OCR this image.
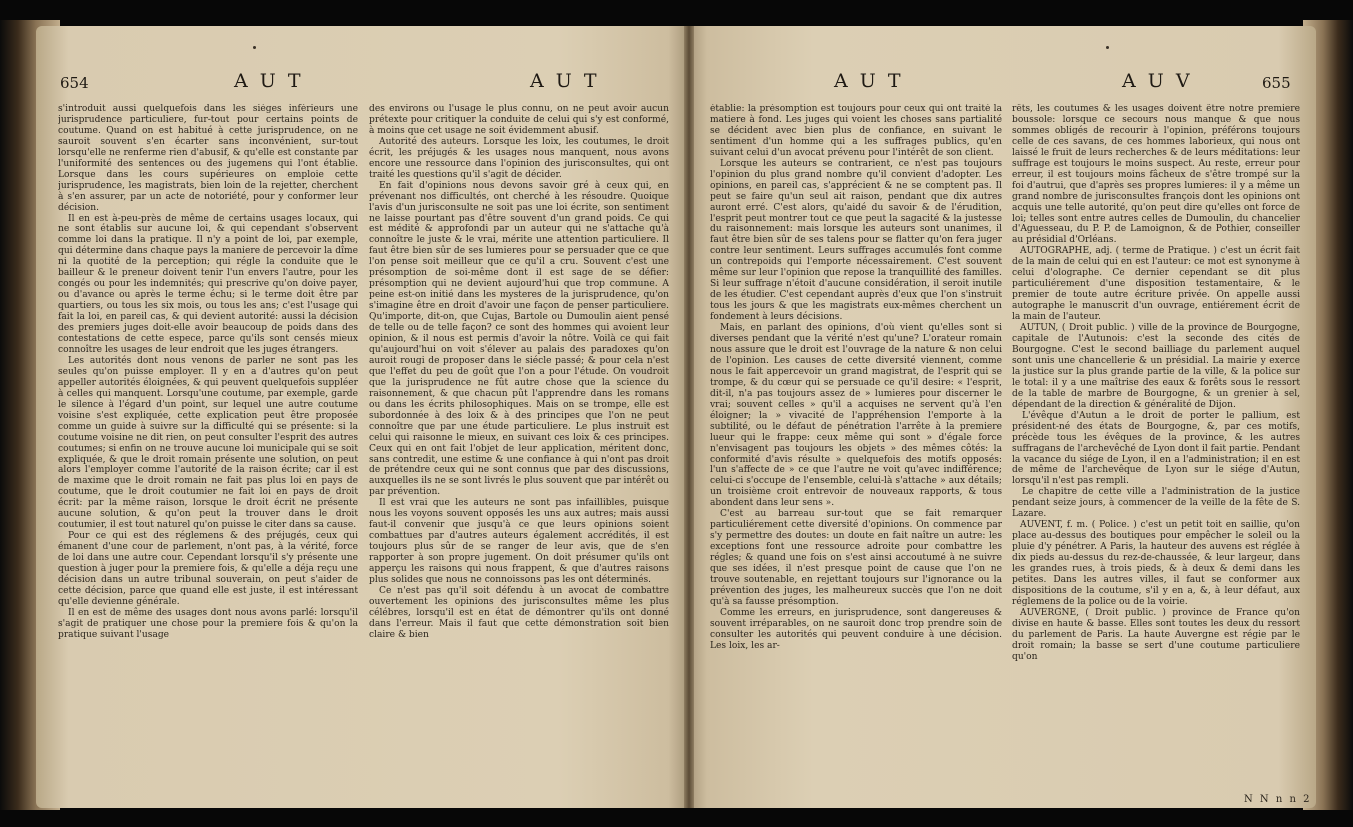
654	A U T	A U T

s'introduit aussi quelquefois dans les siéges inférieurs une jurisprudence particuliere, fur-tout pour certains points de coutume. Quand on est habitué à cette jurisprudence, on ne sauroit souvent s'en écarter sans inconvénient, sur-tout lorsqu'elle ne renferme rien d'abusif, & qu'elle est constante par l'uniformité des sentences ou des jugemens qui l'ont établie. Lorsque dans les cours supérieures on emploie cette jurisprudence, les magistrats, bien loin de la rejetter, cherchent à s'en assurer, par un acte de notoriété, pour y conformer leur décision.

Il en est à-peu-près de même de certains usages locaux, qui ne sont établis sur aucune loi, & qui cependant s'observent comme loi dans la pratique. Il n'y a point de loi, par exemple, qui détermine dans chaque pays la maniere de percevoir la dîme ni la quotité de la perception; qui régle la conduite que le bailleur & le preneur doivent tenir l'un envers l'autre, pour les congés ou pour les indemnités; qui prescrive qu'on doive payer, ou d'avance ou après le terme échu; si le terme doit être par quartiers, ou tous les six mois, ou tous les ans; c'est l'usage qui fait la loi, en pareil cas, & qui devient autorité: aussi la décision des premiers juges doit-elle avoir beaucoup de poids dans des contestations de cette espece, parce qu'ils sont censés mieux connoître les usages de leur endroit que les juges étrangers.

Les autorités dont nous venons de parler ne sont pas les seules qu'on puisse employer. Il y en a d'autres qu'on peut appeller autorités éloignées, & qui peuvent quelquefois suppléer à celles qui manquent. Lorsqu'une coutume, par exemple, garde le silence à l'égard d'un point, sur lequel une autre coutume voisine s'est expliquée, cette explication peut être proposée comme un guide à suivre sur la difficulté qui se présente: si la coutume voisine ne dit rien, on peut consulter l'esprit des autres coutumes; si enfin on ne trouve aucune loi municipale qui se soit expliquée, & que le droit romain présente une solution, on peut alors l'employer comme l'autorité de la raison écrite; car il est de maxime que le droit romain ne fait pas plus loi en pays de coutume, que le droit coutumier ne fait loi en pays de droit écrit: par la même raison, lorsque le droit écrit ne présente aucune solution, & qu'on peut la trouver dans le droit coutumier, il est tout naturel qu'on puisse le citer dans sa cause.

Pour ce qui est des réglemens & des préjugés, ceux qui émanent d'une cour de parlement, n'ont pas, à la vérité, force de loi dans une autre cour. Cependant lorsqu'il s'y présente une question à juger pour la premiere fois, & qu'elle a déja reçu une décision dans un autre tribunal souverain, on peut s'aider de cette décision, parce que quand elle est juste, il est intéressant qu'elle devienne générale.

Il en est de même des usages dont nous avons parlé: lorsqu'il s'agit de pratiquer une chose pour la premiere fois & qu'on la pratique suivant l'usage

des environs ou l'usage le plus connu, on ne peut avoir aucun prétexte pour critiquer la conduite de celui qui s'y est conformé, à moins que cet usage ne soit évidemment abusif.

Autorité des auteurs. Lorsque les loix, les coutumes, le droit écrit, les préjugés & les usages nous manquent, nous avons encore une ressource dans l'opinion des jurisconsultes, qui ont traité les questions qu'il s'agit de décider.

En fait d'opinions nous devons savoir gré à ceux qui, en prévenant nos difficultés, ont cherché à les résoudre. Quoique l'avis d'un jurisconsulte ne soit pas une loi écrite, son sentiment ne laisse pourtant pas d'être souvent d'un grand poids. Ce qui est médité & approfondi par un auteur qui ne s'attache qu'à connoître le juste & le vrai, mérite une attention particuliere. Il faut être bien sûr de ses lumieres pour se persuader que ce que l'on pense soit meilleur que ce qu'il a cru. Souvent c'est une présomption de soi-même dont il est sage de se défier: présomption qui ne devient aujourd'hui que trop commune. A peine est-on initié dans les mysteres de la jurisprudence, qu'on s'imagine être en droit d'avoir une façon de penser particuliere. Qu'importe, dit-on, que Cujas, Bartole ou Dumoulin aient pensé de telle ou de telle façon? ce sont des hommes qui avoient leur opinion, & il nous est permis d'avoir la nôtre. Voilà ce qui fait qu'aujourd'hui on voit s'élever au palais des paradoxes qu'on auroit rougi de proposer dans le siécle passé; & pour cela n'est que l'effet du peu de goût que l'on a pour l'étude. On voudroit que la jurisprudence ne fût autre chose que la science du raisonnement, & que chacun pût l'apprendre dans les romans ou dans les écrits philosophiques. Mais on se trompe, elle est subordonnée à des loix & à des principes que l'on ne peut connoître que par une étude particuliere. Le plus instruit est celui qui raisonne le mieux, en suivant ces loix & ces principes. Ceux qui en ont fait l'objet de leur application, méritent donc, sans contredit, une estime & une confiance à qui n'ont pas droit de prétendre ceux qui ne sont connus que par des discussions, auxquelles ils ne se sont livrés le plus souvent que par intérêt ou par prévention.

Il est vrai que les auteurs ne sont pas infaillibles, puisque nous les voyons souvent opposés les uns aux autres; mais aussi faut-il convenir que jusqu'à ce que leurs opinions soient combattues par d'autres auteurs également accrédités, il est toujours plus sûr de se ranger de leur avis, que de s'en rapporter à son propre jugement. On doit présumer qu'ils ont apperçu les raisons qui nous frappent, & que d'autres raisons plus solides que nous ne connoissons pas les ont déterminés.

Ce n'est pas qu'il soit défendu à un avocat de combattre ouvertement les opinions des jurisconsultes même les plus célébres, lorsqu'il est en état de démontrer qu'ils ont donné dans l'erreur. Mais il faut que cette démonstration soit bien claire & bien

A U T	A U V	655

établie: la présomption est toujours pour ceux qui ont traité la matiere à fond. Les juges qui voient les choses sans partialité se décident avec bien plus de confiance, en suivant le sentiment d'un homme qui a les suffrages publics, qu'en suivant celui d'un avocat prévenu pour l'intérêt de son client.

Lorsque les auteurs se contrarient, ce n'est pas toujours l'opinion du plus grand nombre qu'il convient d'adopter. Les opinions, en pareil cas, s'apprécient & ne se comptent pas. Il peut se faire qu'un seul ait raison, pendant que dix autres auront erré. C'est alors, qu'aidé du savoir & de l'érudition, l'esprit peut montrer tout ce que peut la sagacité & la justesse du raisonnement: mais lorsque les auteurs sont unanimes, il faut être bien sûr de ses talens pour se flatter qu'on fera juger contre leur sentiment. Leurs suffrages accumulés font comme un contrepoids qui l'emporte nécessairement. C'est souvent même sur leur l'opinion que repose la tranquillité des familles. Si leur suffrage n'étoit d'aucune considération, il seroit inutile de les étudier. C'est cependant auprès d'eux que l'on s'instruit tous les jours & que les magistrats eux-mêmes cherchent un fondement à leurs décisions.

Mais, en parlant des opinions, d'où vient qu'elles sont si diverses pendant que la vérité n'est qu'une? L'orateur romain nous assure que le droit est l'ouvrage de la nature & non celui de l'opinion. Les causes de cette diversité viennent, comme nous le fait appercevoir un grand magistrat, de l'esprit qui se trompe, & du cœur qui se persuade ce qu'il desire: « l'esprit, dit-il, n'a pas toujours assez de » lumieres pour discerner le vrai; souvent celles » qu'il a acquises ne servent qu'à l'en éloigner; la » vivacité de l'appréhension l'emporte à la subtilité, ou le défaut de pénétration l'arrête à la premiere lueur qui le frappe: ceux même qui sont » d'égale force n'envisagent pas toujours les objets » des mêmes côtés: la conformité d'avis résulte » quelquefois des motifs opposés: l'un s'affecte de » ce que l'autre ne voit qu'avec indifférence; celui-ci s'occupe de l'ensemble, celui-là s'attache » aux détails; un troisième croit entrevoir de nouveaux rapports, & tous abondent dans leur sens ».

C'est au barreau sur-tout que se fait remarquer particuliérement cette diversité d'opinions. On commence par s'y permettre des doutes: un doute en fait naître un autre: les exceptions font une ressource adroite pour combattre les régles; & quand une fois on s'est ainsi accoutumé à ne suivre que ses idées, il n'est presque point de cause que l'on ne trouve soutenable, en rejettant toujours sur l'ignorance ou la prévention des juges, les malheureux succès que l'on ne doit qu'à sa fausse présomption.

Comme les erreurs, en jurisprudence, sont dangereuses & souvent irréparables, on ne sauroit donc trop prendre soin de consulter les autorités qui peuvent conduire à une décision. Les loix, les ar-

rêts, les coutumes & les usages doivent être notre premiere boussole: lorsque ce secours nous manque & que nous sommes obligés de recourir à l'opinion, préférons toujours celle de ces savans, de ces hommes laborieux, qui nous ont laissé le fruit de leurs recherches & de leurs méditations: leur suffrage est toujours le moins suspect. Au reste, erreur pour erreur, il est toujours moins fâcheux de s'être trompé sur la foi d'autrui, que d'après ses propres lumieres: il y a même un grand nombre de jurisconsultes françois dont les opinions ont acquis une telle autorité, qu'on peut dire qu'elles ont force de loi; telles sont entre autres celles de Dumoulin, du chancelier d'Aguesseau, du P. P. de Lamoignon, & de Pothier, conseiller au présidial d'Orléans.

AUTOGRAPHE, adj. ( terme de Pratique. ) c'est un écrit fait de la main de celui qui en est l'auteur: ce mot est synonyme à celui d'olographe. Ce dernier cependant se dit plus particuliérement d'une disposition testamentaire, & le premier de toute autre écriture privée. On appelle aussi autographe le manuscrit d'un ouvrage, entiérement écrit de la main de l'auteur.

AUTUN, ( Droit public. ) ville de la province de Bourgogne, capitale de l'Autunois: c'est la seconde des cités de Bourgogne. C'est le second bailliage du parlement auquel sont unis une chancellerie & un présidial. La mairie y exerce la justice sur la plus grande partie de la ville, & la police sur le total: il y a une maîtrise des eaux & forêts sous le ressort de la table de marbre de Bourgogne, & un grenier à sel, dépendant de la direction & généralité de Dijon.

L'évêque d'Autun a le droit de porter le pallium, est président-né des états de Bourgogne, &, par ces motifs, précède tous les évêques de la province, & les autres suffragans de l'archevêché de Lyon dont il fait partie. Pendant la vacance du siége de Lyon, il en a l'administration; il en est de même de l'archevêque de Lyon sur le siége d'Autun, lorsqu'il n'est pas rempli.

Le chapitre de cette ville a l'administration de la justice pendant seize jours, à commencer de la veille de la fête de S. Lazare.

AUVENT, f. m. ( Police. ) c'est un petit toit en saillie, qu'on place au-dessus des boutiques pour empêcher le soleil ou la pluie d'y pénétrer. A Paris, la hauteur des auvens est réglée à dix pieds au-dessus du rez-de-chaussée, & leur largeur, dans les grandes rues, à trois pieds, & à deux & demi dans les petites. Dans les autres villes, il faut se conformer aux dispositions de la coutume, s'il y en a, &, à leur défaut, aux réglemens de la police ou de la voirie.

AUVERGNE, ( Droit public. ) province de France qu'on divise en haute & basse. Elles sont toutes les deux du ressort du parlement de Paris. La haute Auvergne est régie par le droit romain; la basse se sert d'une coutume particuliere qu'on

N N n n 2
